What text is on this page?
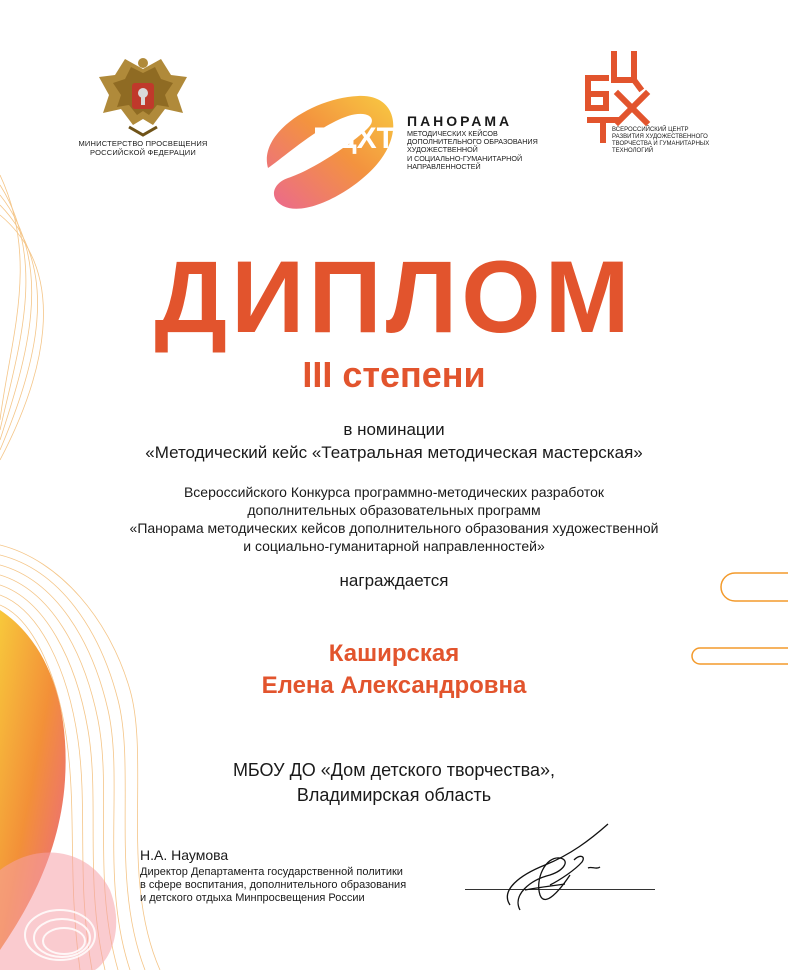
МИНИСТЕРСТВО ПРОСВЕЩЕНИЯ
РОССИЙСКОЙ ФЕДЕРАЦИИ	ВЦХТ
ПАНОРАМА
МЕТОДИЧЕСКИХ КЕЙСОВ
ДОПОЛНИТЕЛЬНОГО ОБРАЗОВАНИЯ
ХУДОЖЕСТВЕННОЙ
И СОЦИАЛЬНО-ГУМАНИТАРНОЙ
НАПРАВЛЕННОСТЕЙ
ВСЕРОССИЙСКИЙ ЦЕНТР
РАЗВИТИЯ ХУДОЖЕСТВЕННОГО
ТВОРЧЕСТВА И ГУМАНИТАРНЫХ
ТЕХНОЛОГИЙ
ДИПЛОМ
III степени
в номинации
«Методический кейс «Театральная методическая мастерская»
Всероссийского Конкурса программно-методических разработок
дополнительных образовательных программ
«Панорама методических кейсов дополнительного образования художественной
и социально-гуманитарной направленностей»
награждается
Каширская
Елена Александровна
МБОУ ДО «Дом детского творчества»,
Владимирская область
Н.А. Наумова
Директор Департамента государственной политики
в сфере воспитания, дополнительного образования
и детского отдыха Минпросвещения России
